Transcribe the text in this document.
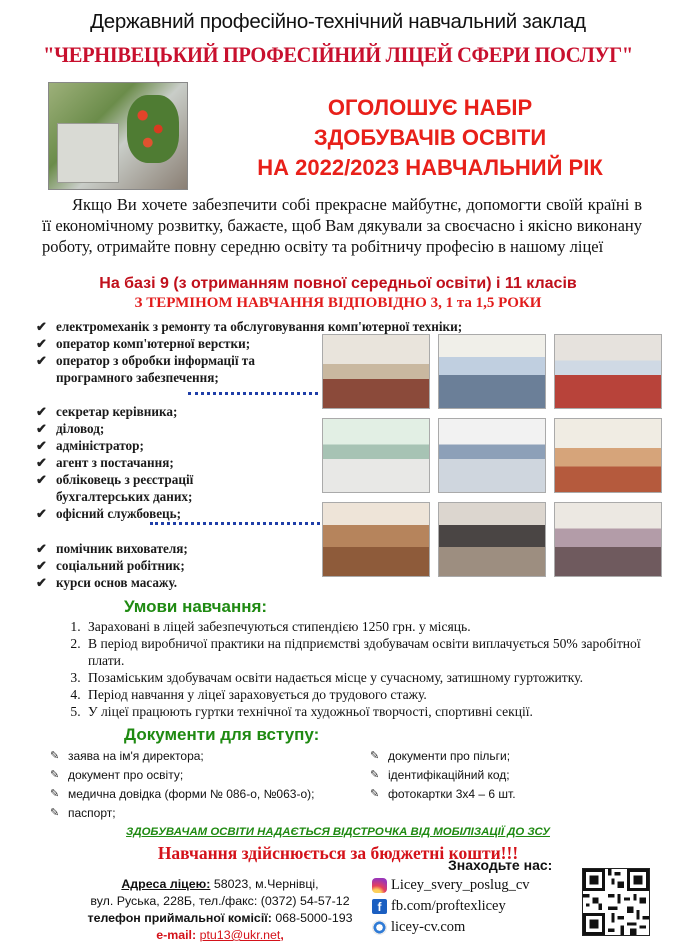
Державний професійно-технічний навчальний заклад
"ЧЕРНІВЕЦЬКИЙ ПРОФЕСІЙНИЙ ЛІЦЕЙ СФЕРИ ПОСЛУГ"
ОГОЛОШУЄ НАБІР
ЗДОБУВАЧІВ ОСВІТИ
НА 2022/2023 НАВЧАЛЬНИЙ РІК
Якщо Ви хочете забезпечити собі прекрасне майбутнє, допомогти своїй країні в її економічному розвитку, бажаєте, щоб Вам дякували за своєчасно і якісно виконану роботу, отримайте повну середню освіту та робітничу професію в нашому ліцеї
На базі 9 (з отриманням повної середньої освіти) і 11 класів
З ТЕРМІНОМ НАВЧАННЯ ВІДПОВІДНО 3, 1 та 1,5 РОКИ
✔ електромеханік з ремонту та обслуговування комп'ютерної техніки;
✔ оператор комп'ютерної верстки;
✔ оператор з обробки інформації та програмного забезпечення;
✔ секретар керівника;
✔ діловод;
✔ адміністратор;
✔ агент з постачання;
✔ обліковець з реєстрації бухгалтерських даних;
✔ офісний службовець;
✔ помічник вихователя;
✔ соціальний робітник;
✔ курси основ масажу.
Умови навчання:
1. Зараховані в ліцей забезпечуються стипендією 1250 грн. у місяць.
2. В період виробничої практики на підприємстві здобувачам освіти виплачується 50% заробітної плати.
3. Позаміським здобувачам освіти надається місце у сучасному, затишному гуртожитку.
4. Період навчання у ліцеї зараховується до трудового стажу.
5. У ліцеї працюють гуртки технічної та художньої творчості, спортивні секції.
Документи для вступу:
✎ заява на ім'я директора;
✎ документ про освіту;
✎ медична довідка (форми № 086-о, №063-о);
✎ паспорт;
✎ документи про пільги;
✎ ідентифікаційний код;
✎ фотокартки 3х4 – 6 шт.
ЗДОБУВАЧАМ ОСВІТИ НАДАЄТЬСЯ ВІДСТРОЧКА ВІД МОБІЛІЗАЦІЇ ДО ЗСУ
Навчання здійснюється за бюджетні кошти!!!
Адреса ліцею: 58023, м.Чернівці,
вул. Руська, 228Б, тел./факс: (0372) 54-57-12
телефон приймальної комісії: 068-5000-193
e-mail: ptu13@ukr.net,
Знаходьте нас:
Licey_svery_poslug_cv
f fb.com/proftexlicey
licey-cv.com
